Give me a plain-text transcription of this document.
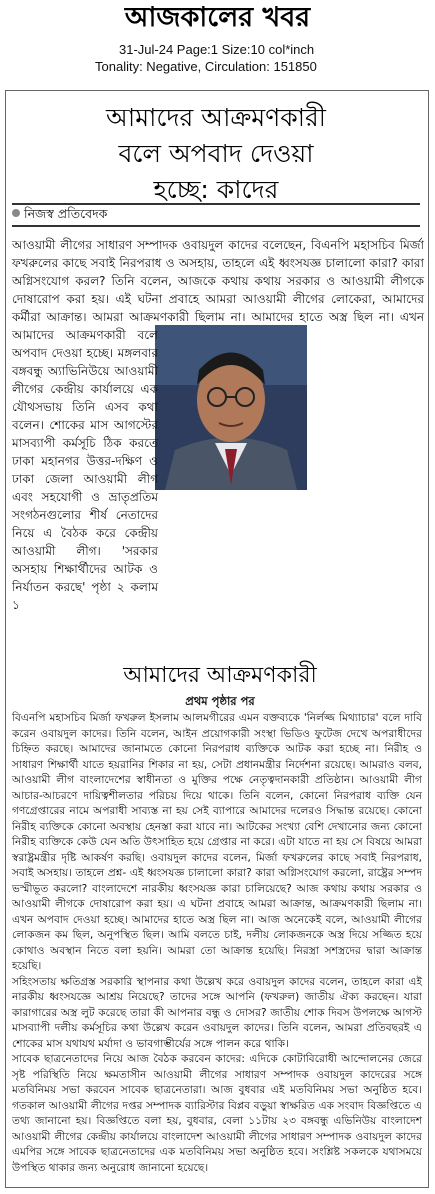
আজকালের খবর
31-Jul-24 Page:1 Size:10 col*inch
Tonality: Negative, Circulation: 151850
আমাদের আক্রমণকারী
বলে অপবাদ দেওয়া
হচ্ছে: কাদের
নিজস্ব প্রতিবেদক

আওয়ামী লীগের সাধারণ সম্পাদক ওবায়দুল কাদের বলেছেন, বিএনপি মহাসচিব মির্জা ফখরুলের কাছে সবাই নিরপরাধ ও অসহায়, তাহলে এই ধ্বংসযজ্ঞ চালালো কারা? কারা অগ্নিসংযোগ করল? তিনি বলেন, আজকে কথায় কথায় সরকার ও আওয়ামী লীগকে দোষারোপ করা হয়। এই ঘটনা প্রবাহে আমরা আওয়ামী লীগের লোকেরা, আমাদের কর্মীরা আক্রান্ত। আমরা আক্রমণকারী ছিলাম না। আমাদের হাতে অস্ত্র ছিল না। এখন আমাদের আক্রমণকারী বলে অপবাদ দেওয়া হচ্ছে। মঙ্গলবার বঙ্গবন্ধু অ্যাভিনিউয়ে আওয়ামী লীগের কেন্দ্রীয় কার্যালয়ে এক যৌথসভায় তিনি এসব কথা বলেন। শোকের মাস আগস্টের মাসব্যাপী কর্মসূচি ঠিক করতে ঢাকা মহানগর উত্তর-দক্ষিণ ও ঢাকা জেলা আওয়ামী লীগ এবং সহযোগী ও ভ্রাতৃপ্রতিম সংগঠনগুলোর শীর্ষ নেতাদের নিয়ে এ বৈঠক করে কেন্দ্রীয় আওয়ামী লীগ। 'সরকার অসহায় শিক্ষার্থীদের আটক ও নির্যাতন করছে' পৃষ্ঠা ২ কলাম ১

আমাদের আক্রমণকারী
প্রথম পৃষ্ঠার পর

বিএনপি মহাসচিব মির্জা ফখরুল ইসলাম আলমগীরের এমন বক্তব্যকে 'নির্লজ্জ মিথ্যাচার' বলে দাবি করেন ওবায়দুল কাদের। তিনি বলেন, আইন প্রয়োগকারী সংস্থা ভিডিও ফুটেজ দেখে অপরাধীদের চিহ্নিত করছে। আমাদের জানামতে কোনো নিরপরাধ ব্যক্তিকে আটক করা হচ্ছে না। নিরীহ ও সাধারণ শিক্ষার্থী যাতে হয়রানির শিকার না হয়, সেটা প্রধানমন্ত্রীর নির্দেশনা রয়েছে। আমরাও বলব, আওয়ামী লীগ বাংলাদেশের স্বাধীনতা ও মুক্তির পক্ষে নেতৃত্বদানকারী প্রতিষ্ঠান। আওয়ামী লীগ আচার-আচরণে দায়িত্বশীলতার পরিচয় দিয়ে থাকে। তিনি বলেন, কোনো নিরপরাধ ব্যক্তি যেন গণগ্রেপ্তারের নামে অপরাধী সাব্যস্ত না হয় সেই ব্যাপারে আমাদের দলেরও সিদ্ধান্ত রয়েছে। কোনো নিরীহ ব্যক্তিকে কোনো অবস্থায় হেনস্তা করা যাবে না। আটকের সংখ্যা বেশি দেখানোর জন্য কোনো নিরীহ ব্যক্তিকে কেউ যেন অতি উৎসাহিত হয়ে গ্রেপ্তার না করে। এটা যাতে না হয় সে বিষয়ে আমরা স্বরাষ্ট্রমন্ত্রীর দৃষ্টি আকর্ষণ করছি। ওবায়দুল কাদের বলেন, মির্জা ফখরুলের কাছে সবাই নিরপরাধ, সবাই অসহায়। তাহলে প্রশ্ন- এই ধ্বংসযজ্ঞ চালালো কারা? কারা অগ্নিসংযোগ করলো, রাষ্ট্রের সম্পদ ভস্মীভূত করলো? বাংলাদেশে নারকীয় ধ্বংসযজ্ঞ কারা চালিয়েছে? আজ কথায় কথায় সরকার ও আওয়ামী লীগকে দোষারোপ করা হয়। এ ঘটনা প্রবাহে আমরা আক্রান্ত, আক্রমণকারী ছিলাম না। এখন অপবাদ দেওয়া হচ্ছে। আমাদের হাতে অস্ত্র ছিল না। আজ অনেকেই বলে, আওয়ামী লীগের লোকজন কম ছিল, অনুপস্থিত ছিল। আমি বলতে চাই, দলীয় লোকজনকে অস্ত্র দিয়ে সজ্জিত হয়ে কোথাও অবস্থান নিতে বলা হয়নি। আমরা তো আক্রান্ত হয়েছি। নিরস্ত্রা সশস্ত্রদের দ্বারা আক্রান্ত হয়েছি।

সহিংসতায় ক্ষতিগ্রস্ত সরকারি স্থাপনার কথা উল্লেখ করে ওবায়দুল কাদের বলেন, তাহলে কারা এই নারকীয় ধ্বংসযজ্ঞে আশ্রয় নিয়েছে? তাদের সঙ্গে আপনি (ফখরুল) জাতীয় ঐক্য করছেন। যারা কারাগারের অস্ত্র লুট করেছে তারা কী আপনার বন্ধু ও দোসর? জাতীয় শোক দিবস উপলক্ষে আগস্ট মাসব্যাপী দলীয় কর্মসূচির কথা উল্লেখ করেন ওবায়দুল কাদের। তিনি বলেন, আমরা প্রতিবছরই এ শোকের মাস যথাযথ মর্যাদা ও ভাবগাম্ভীর্যের সঙ্গে পালন করে থাকি।

সাবেক ছাত্রনেতাদের নিয়ে আজ বৈঠক করবেন কাদের: এদিকে কোটাবিরোধী আন্দোলনের জেরে সৃষ্ট পরিস্থিতি নিয়ে ক্ষমতাসীন আওয়ামী লীগের সাধারণ সম্পাদক ওবায়দুল কাদেরের সঙ্গে মতবিনিময় সভা করবেন সাবেক ছাত্রনেতারা। আজ বুধবার এই মতবিনিময় সভা অনুষ্ঠিত হবে। গতকাল আওয়ামী লীগের দপ্তর সম্পাদক ব্যারিস্টার বিপ্লব বড়ুয়া স্বাক্ষরিত এক সংবাদ বিজ্ঞপ্তিতে এ তথ্য জানানো হয়। বিজ্ঞপ্তিতে বলা হয়, বুধবার, বেলা ১১টায় ২৩ বঙ্গবন্ধু এভিনিউয় বাংলাদেশ আওয়ামী লীগের কেন্দ্রীয় কার্যালয়ে বাংলাদেশ আওয়ামী লীগের সাধারণ সম্পাদক ওবায়দুল কাদের এমপির সঙ্গে সাবেক ছাত্রনেতাদের এক মতবিনিময় সভা অনুষ্ঠিত হবে। সংশ্লিষ্ট সকলকে যথাসময়ে উপস্থিত থাকার জন্য অনুরোধ জানানো হয়েছে।
